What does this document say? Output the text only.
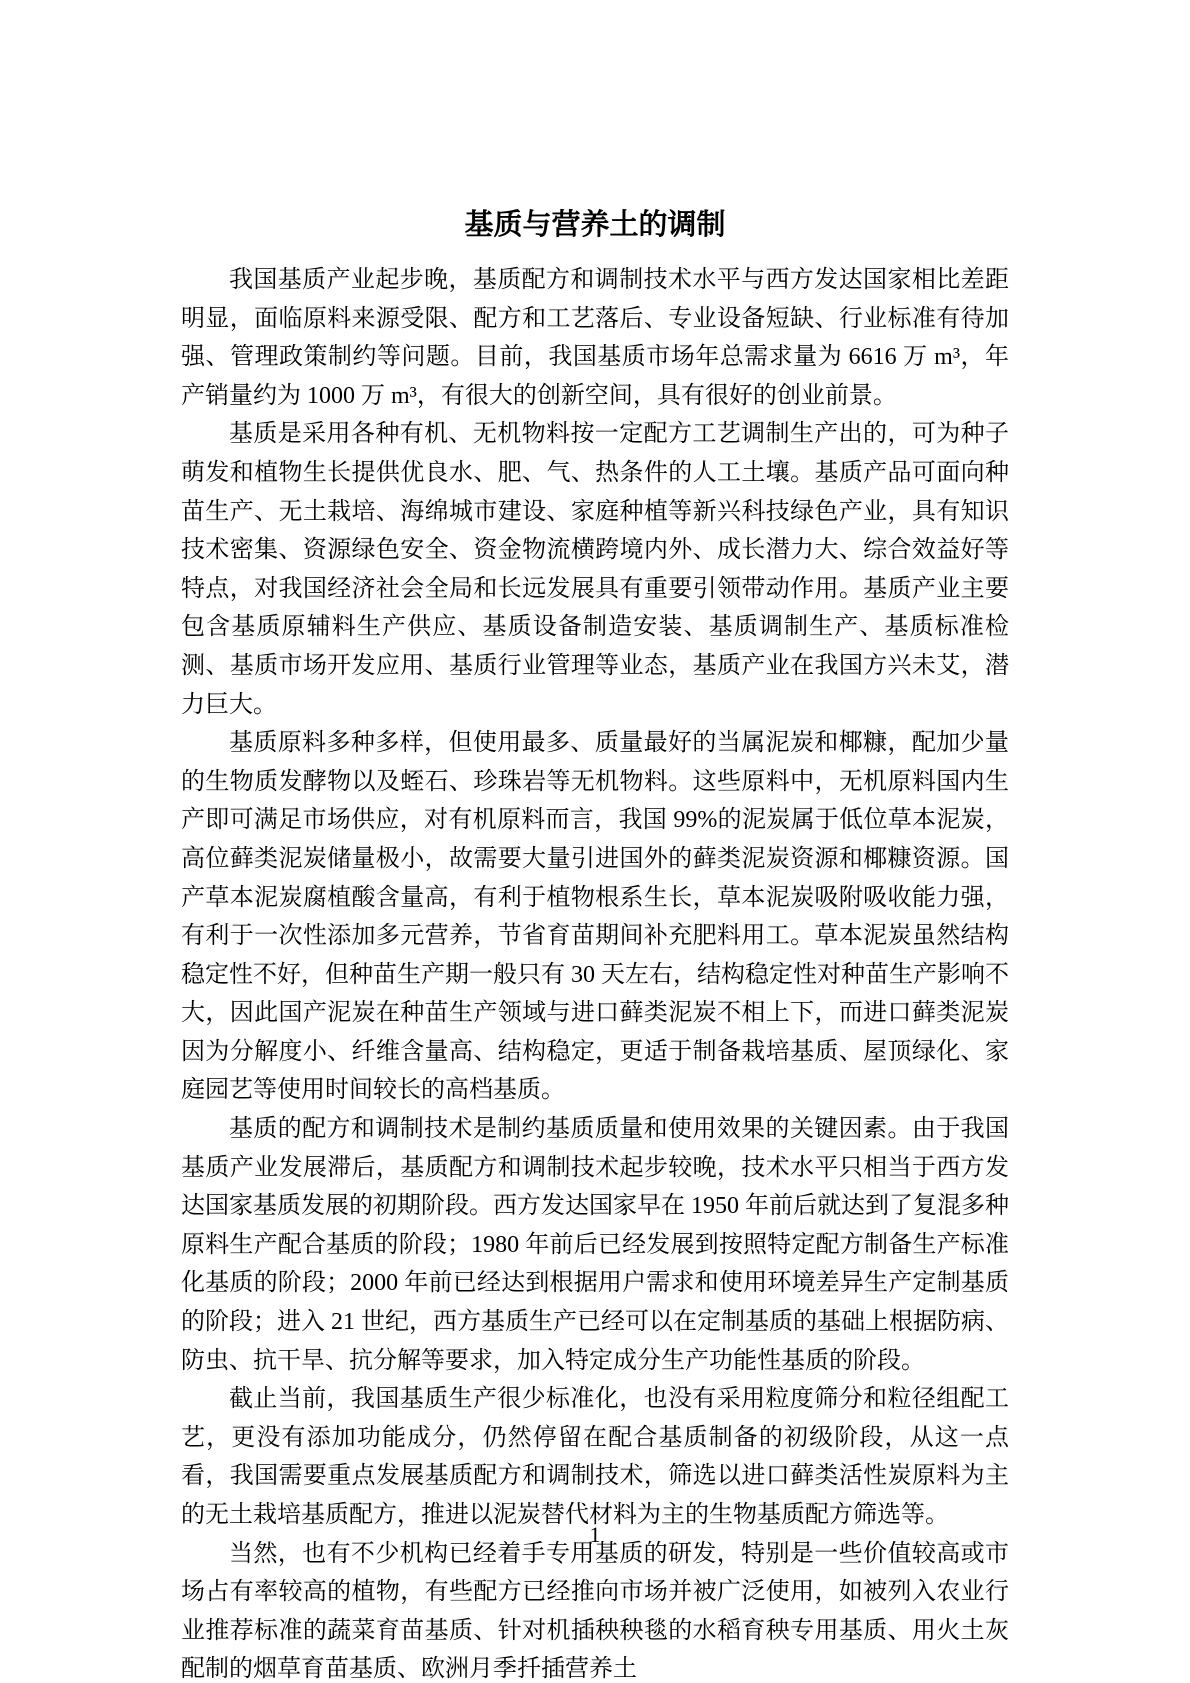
基质与营养土的调制

我国基质产业起步晚，基质配方和调制技术水平与西方发达国家相比差距明显，面临原料来源受限、配方和工艺落后、专业设备短缺、行业标准有待加强、管理政策制约等问题。目前，我国基质市场年总需求量为 6616 万 m³，年产销量约为 1000 万 m³，有很大的创新空间，具有很好的创业前景。

基质是采用各种有机、无机物料按一定配方工艺调制生产出的，可为种子萌发和植物生长提供优良水、肥、气、热条件的人工土壤。基质产品可面向种苗生产、无土栽培、海绵城市建设、家庭种植等新兴科技绿色产业，具有知识技术密集、资源绿色安全、资金物流横跨境内外、成长潜力大、综合效益好等特点，对我国经济社会全局和长远发展具有重要引领带动作用。基质产业主要包含基质原辅料生产供应、基质设备制造安装、基质调制生产、基质标准检测、基质市场开发应用、基质行业管理等业态，基质产业在我国方兴未艾，潜力巨大。

基质原料多种多样，但使用最多、质量最好的当属泥炭和椰糠，配加少量的生物质发酵物以及蛭石、珍珠岩等无机物料。这些原料中，无机原料国内生产即可满足市场供应，对有机原料而言，我国 99%的泥炭属于低位草本泥炭，高位藓类泥炭储量极小，故需要大量引进国外的藓类泥炭资源和椰糠资源。国产草本泥炭腐植酸含量高，有利于植物根系生长，草本泥炭吸附吸收能力强，有利于一次性添加多元营养，节省育苗期间补充肥料用工。草本泥炭虽然结构稳定性不好，但种苗生产期一般只有 30 天左右，结构稳定性对种苗生产影响不大，因此国产泥炭在种苗生产领域与进口藓类泥炭不相上下，而进口藓类泥炭因为分解度小、纤维含量高、结构稳定，更适于制备栽培基质、屋顶绿化、家庭园艺等使用时间较长的高档基质。

基质的配方和调制技术是制约基质质量和使用效果的关键因素。由于我国基质产业发展滞后，基质配方和调制技术起步较晚，技术水平只相当于西方发达国家基质发展的初期阶段。西方发达国家早在 1950 年前后就达到了复混多种原料生产配合基质的阶段；1980 年前后已经发展到按照特定配方制备生产标准化基质的阶段；2000 年前已经达到根据用户需求和使用环境差异生产定制基质的阶段；进入 21 世纪，西方基质生产已经可以在定制基质的基础上根据防病、防虫、抗干旱、抗分解等要求，加入特定成分生产功能性基质的阶段。

截止当前，我国基质生产很少标准化，也没有采用粒度筛分和粒径组配工艺，更没有添加功能成分，仍然停留在配合基质制备的初级阶段，从这一点看，我国需要重点发展基质配方和调制技术，筛选以进口藓类活性炭原料为主的无土栽培基质配方，推进以泥炭替代材料为主的生物基质配方筛选等。

当然，也有不少机构已经着手专用基质的研发，特别是一些价值较高或市场占有率较高的植物，有些配方已经推向市场并被广泛使用，如被列入农业行业推荐标准的蔬菜育苗基质、针对机插秧秧毯的水稻育秧专用基质、用火土灰配制的烟草育苗基质、欧洲月季扦插营养土

1
